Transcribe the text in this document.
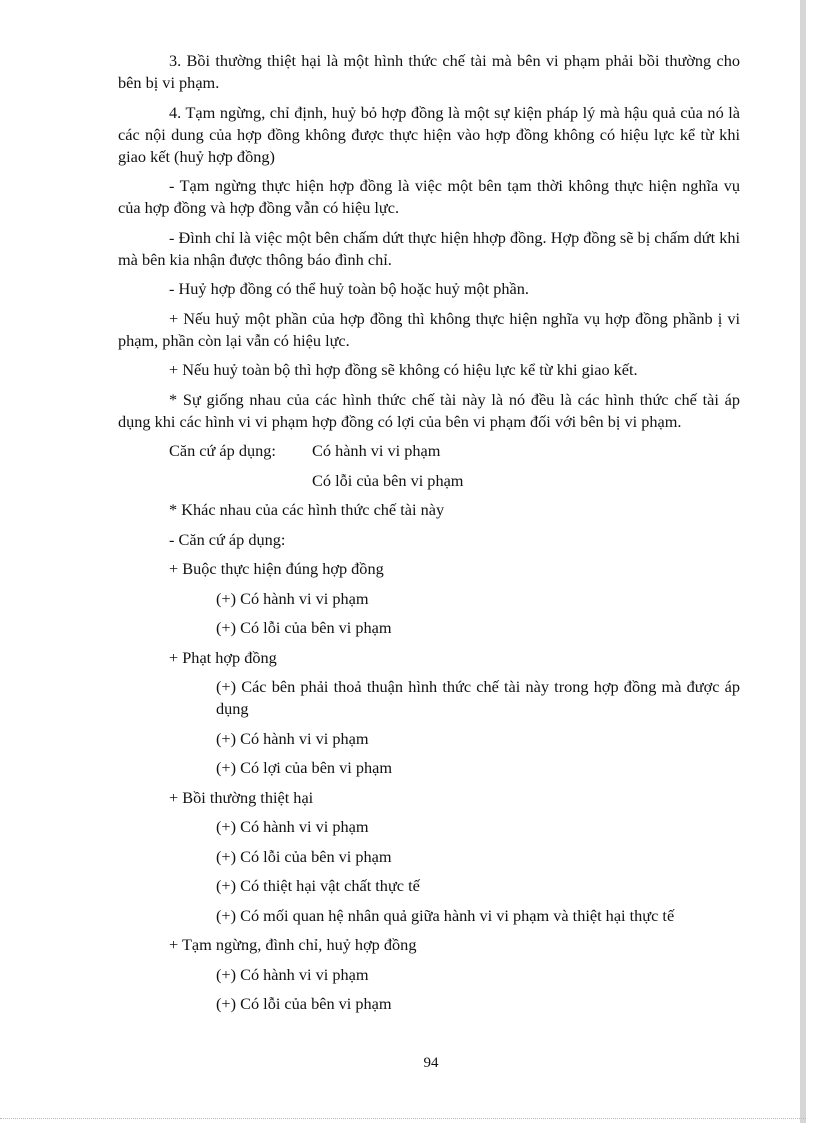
3. Bồi thường thiệt hại là một hình thức chế tài mà bên vi phạm phải bồi thường cho bên bị vi phạm.

4. Tạm ngừng, chỉ định, huỷ bỏ hợp đồng là một sự kiện pháp lý mà hậu quả của nó là các nội dung của hợp đồng không được thực hiện vào hợp đồng không có hiệu lực kể từ khi giao kết (huỷ hợp đồng)

- Tạm ngừng thực hiện hợp đồng là việc một bên tạm thời không thực hiện nghĩa vụ của hợp đồng và hợp đồng vẫn có hiệu lực.

- Đình chỉ là việc một bên chấm dứt thực hiện hhợp đồng. Hợp đồng sẽ bị chấm dứt khi mà bên kia nhận được thông báo đình chỉ.

- Huỷ hợp đồng có thể huỷ toàn bộ hoặc huỷ một phần.

+ Nếu huỷ một phần của hợp đồng thì không thực hiện nghĩa vụ hợp đồng phầnb ị vi phạm, phần còn lại vẫn có hiệu lực.

+ Nếu huỷ toàn bộ thì hợp đồng sẽ không có hiệu lực kể từ khi giao kết.

* Sự giống nhau của các hình thức chế tài này là nó đều là các hình thức chế tài áp dụng khi các hình vi vi phạm hợp đồng có lợi của bên vi phạm đối với bên bị vi phạm.

Căn cứ áp dụng:	Có hành vi vi phạm
Có lỗi của bên vi phạm
* Khác nhau của các hình thức chế tài này
- Căn cứ áp dụng:
+ Buộc thực hiện đúng hợp đồng
(+) Có hành vi vi phạm
(+) Có lỗi của bên vi phạm
+ Phạt hợp đồng
(+) Các bên phải thoả thuận hình thức chế tài này trong hợp đồng mà được áp dụng
(+) Có hành vi vi phạm
(+) Có lợi của bên vi phạm
+ Bồi thường thiệt hại
(+) Có hành vi vi phạm
(+) Có lỗi của bên vi phạm
(+) Có thiệt hại vật chất thực tế
(+) Có mối quan hệ nhân quả giữa hành vi vi phạm và thiệt hại thực tế
+ Tạm ngừng, đình chỉ, huỷ hợp đồng
(+) Có hành vi vi phạm
(+) Có lỗi của bên vi phạm
94
